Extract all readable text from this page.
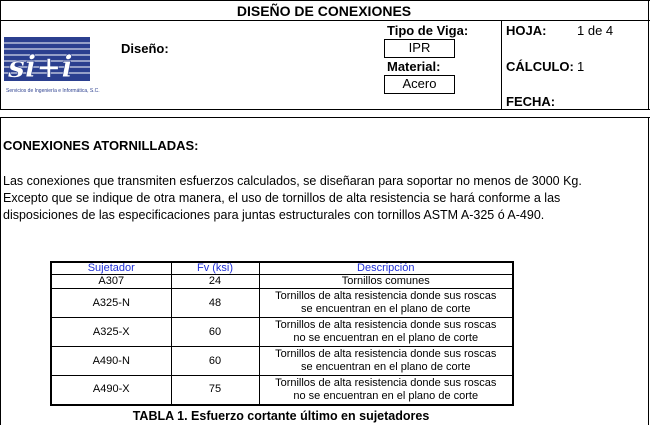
DISEÑO DE CONEXIONES
si+i
Servicios de Ingeniería e Informática, S.C.
Diseño:
Tipo de Viga:
IPR
Material:
Acero
HOJA: 1 de 4
CÁLCULO: 1
FECHA:
CONEXIONES ATORNILLADAS:
Las conexiones que transmiten esfuerzos calculados, se diseñaran para soportar no menos de 3000 Kg.
Excepto que se indique de otra manera, el uso de tornillos de alta resistencia se hará conforme a las
disposiciones de las especificaciones para juntas estructurales con tornillos ASTM A-325 ó A-490.
Sujetador	Fv (ksi)	Descripción
A307	24	Tornillos comunes
A325-N	48	Tornillos de alta resistencia donde sus roscas
se encuentran en el plano de corte
A325-X	60	Tornillos de alta resistencia donde sus roscas
no se encuentran en el plano de corte
A490-N	60	Tornillos de alta resistencia donde sus roscas
se encuentran en el plano de corte
A490-X	75	Tornillos de alta resistencia donde sus roscas
no se encuentran en el plano de corte
TABLA 1. Esfuerzo cortante último en sujetadores
